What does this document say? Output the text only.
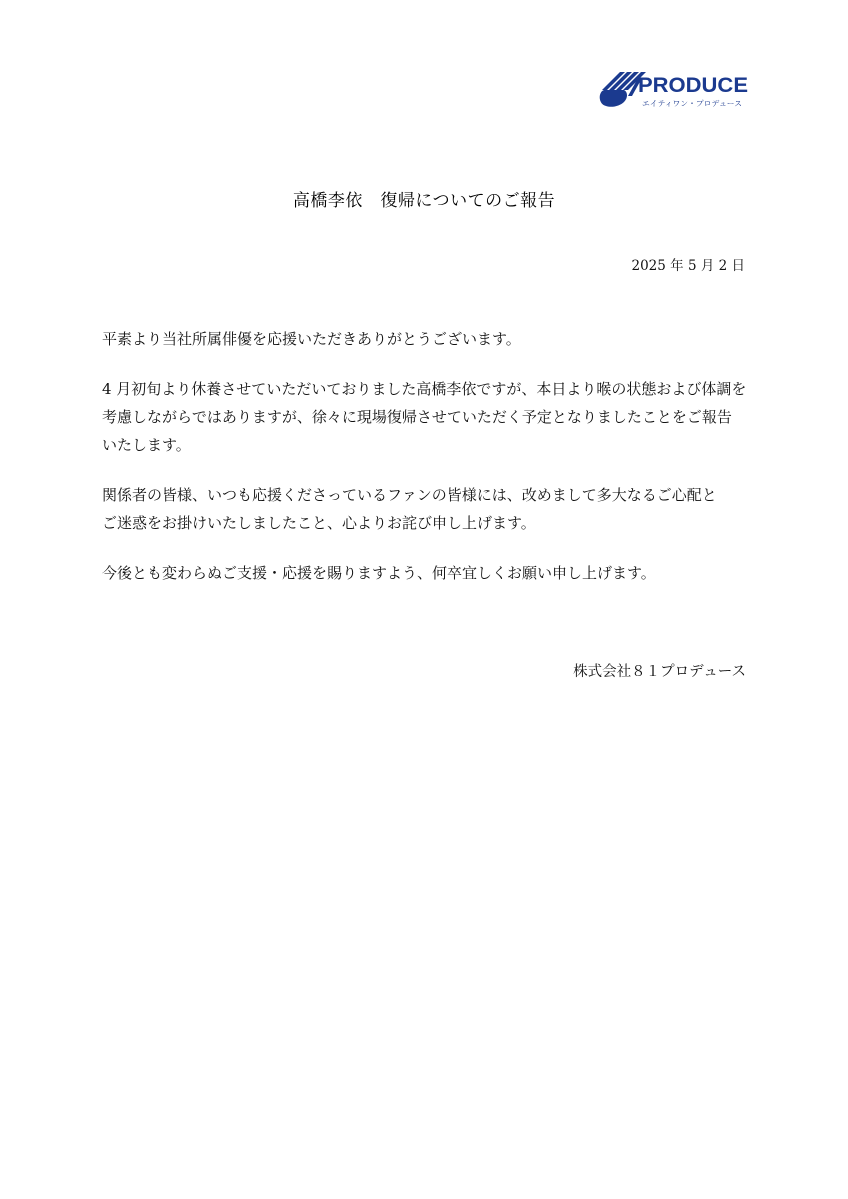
PRODUCE
エイティワン・プロデュース
高橋李依　復帰についてのご報告
2025 年 5 月 2 日
平素より当社所属俳優を応援いただきありがとうございます。
4 月初旬より休養させていただいておりました高橋李依ですが、本日より喉の状態および体調を
考慮しながらではありますが、徐々に現場復帰させていただく予定となりましたことをご報告
いたします。
関係者の皆様、いつも応援くださっているファンの皆様には、改めまして多大なるご心配と
ご迷惑をお掛けいたしましたこと、心よりお詫び申し上げます。
今後とも変わらぬご支援・応援を賜りますよう、何卒宜しくお願い申し上げます。
株式会社８１プロデュース
